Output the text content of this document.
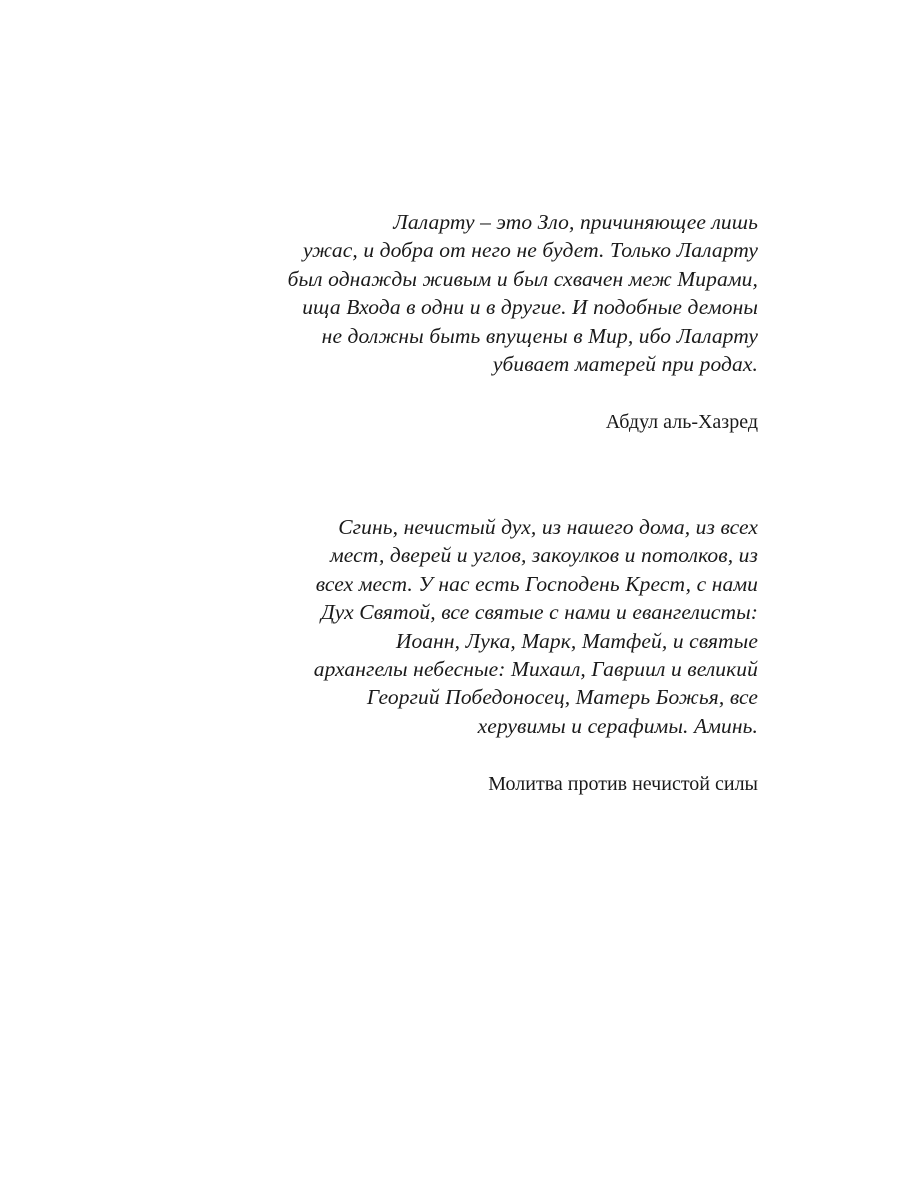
Лаларту – это Зло, причиняющее лишь
ужас, и добра от него не будет. Только Лаларту
был однажды живым и был схвачен меж Мирами,
ища Входа в одни и в другие. И подобные демоны
не должны быть впущены в Мир, ибо Лаларту
убивает матерей при родах.
Абдул аль-Хазред
Сгинь, нечистый дух, из нашего дома, из всех
мест, дверей и углов, закоулков и потолков, из
всех мест. У нас есть Господень Крест, с нами
Дух Святой, все святые с нами и евангелисты:
Иоанн, Лука, Марк, Матфей, и святые
архангелы небесные: Михаил, Гавриил и великий
Георгий Победоносец, Матерь Божья, все
херувимы и серафимы. Аминь.
Молитва против нечистой силы
